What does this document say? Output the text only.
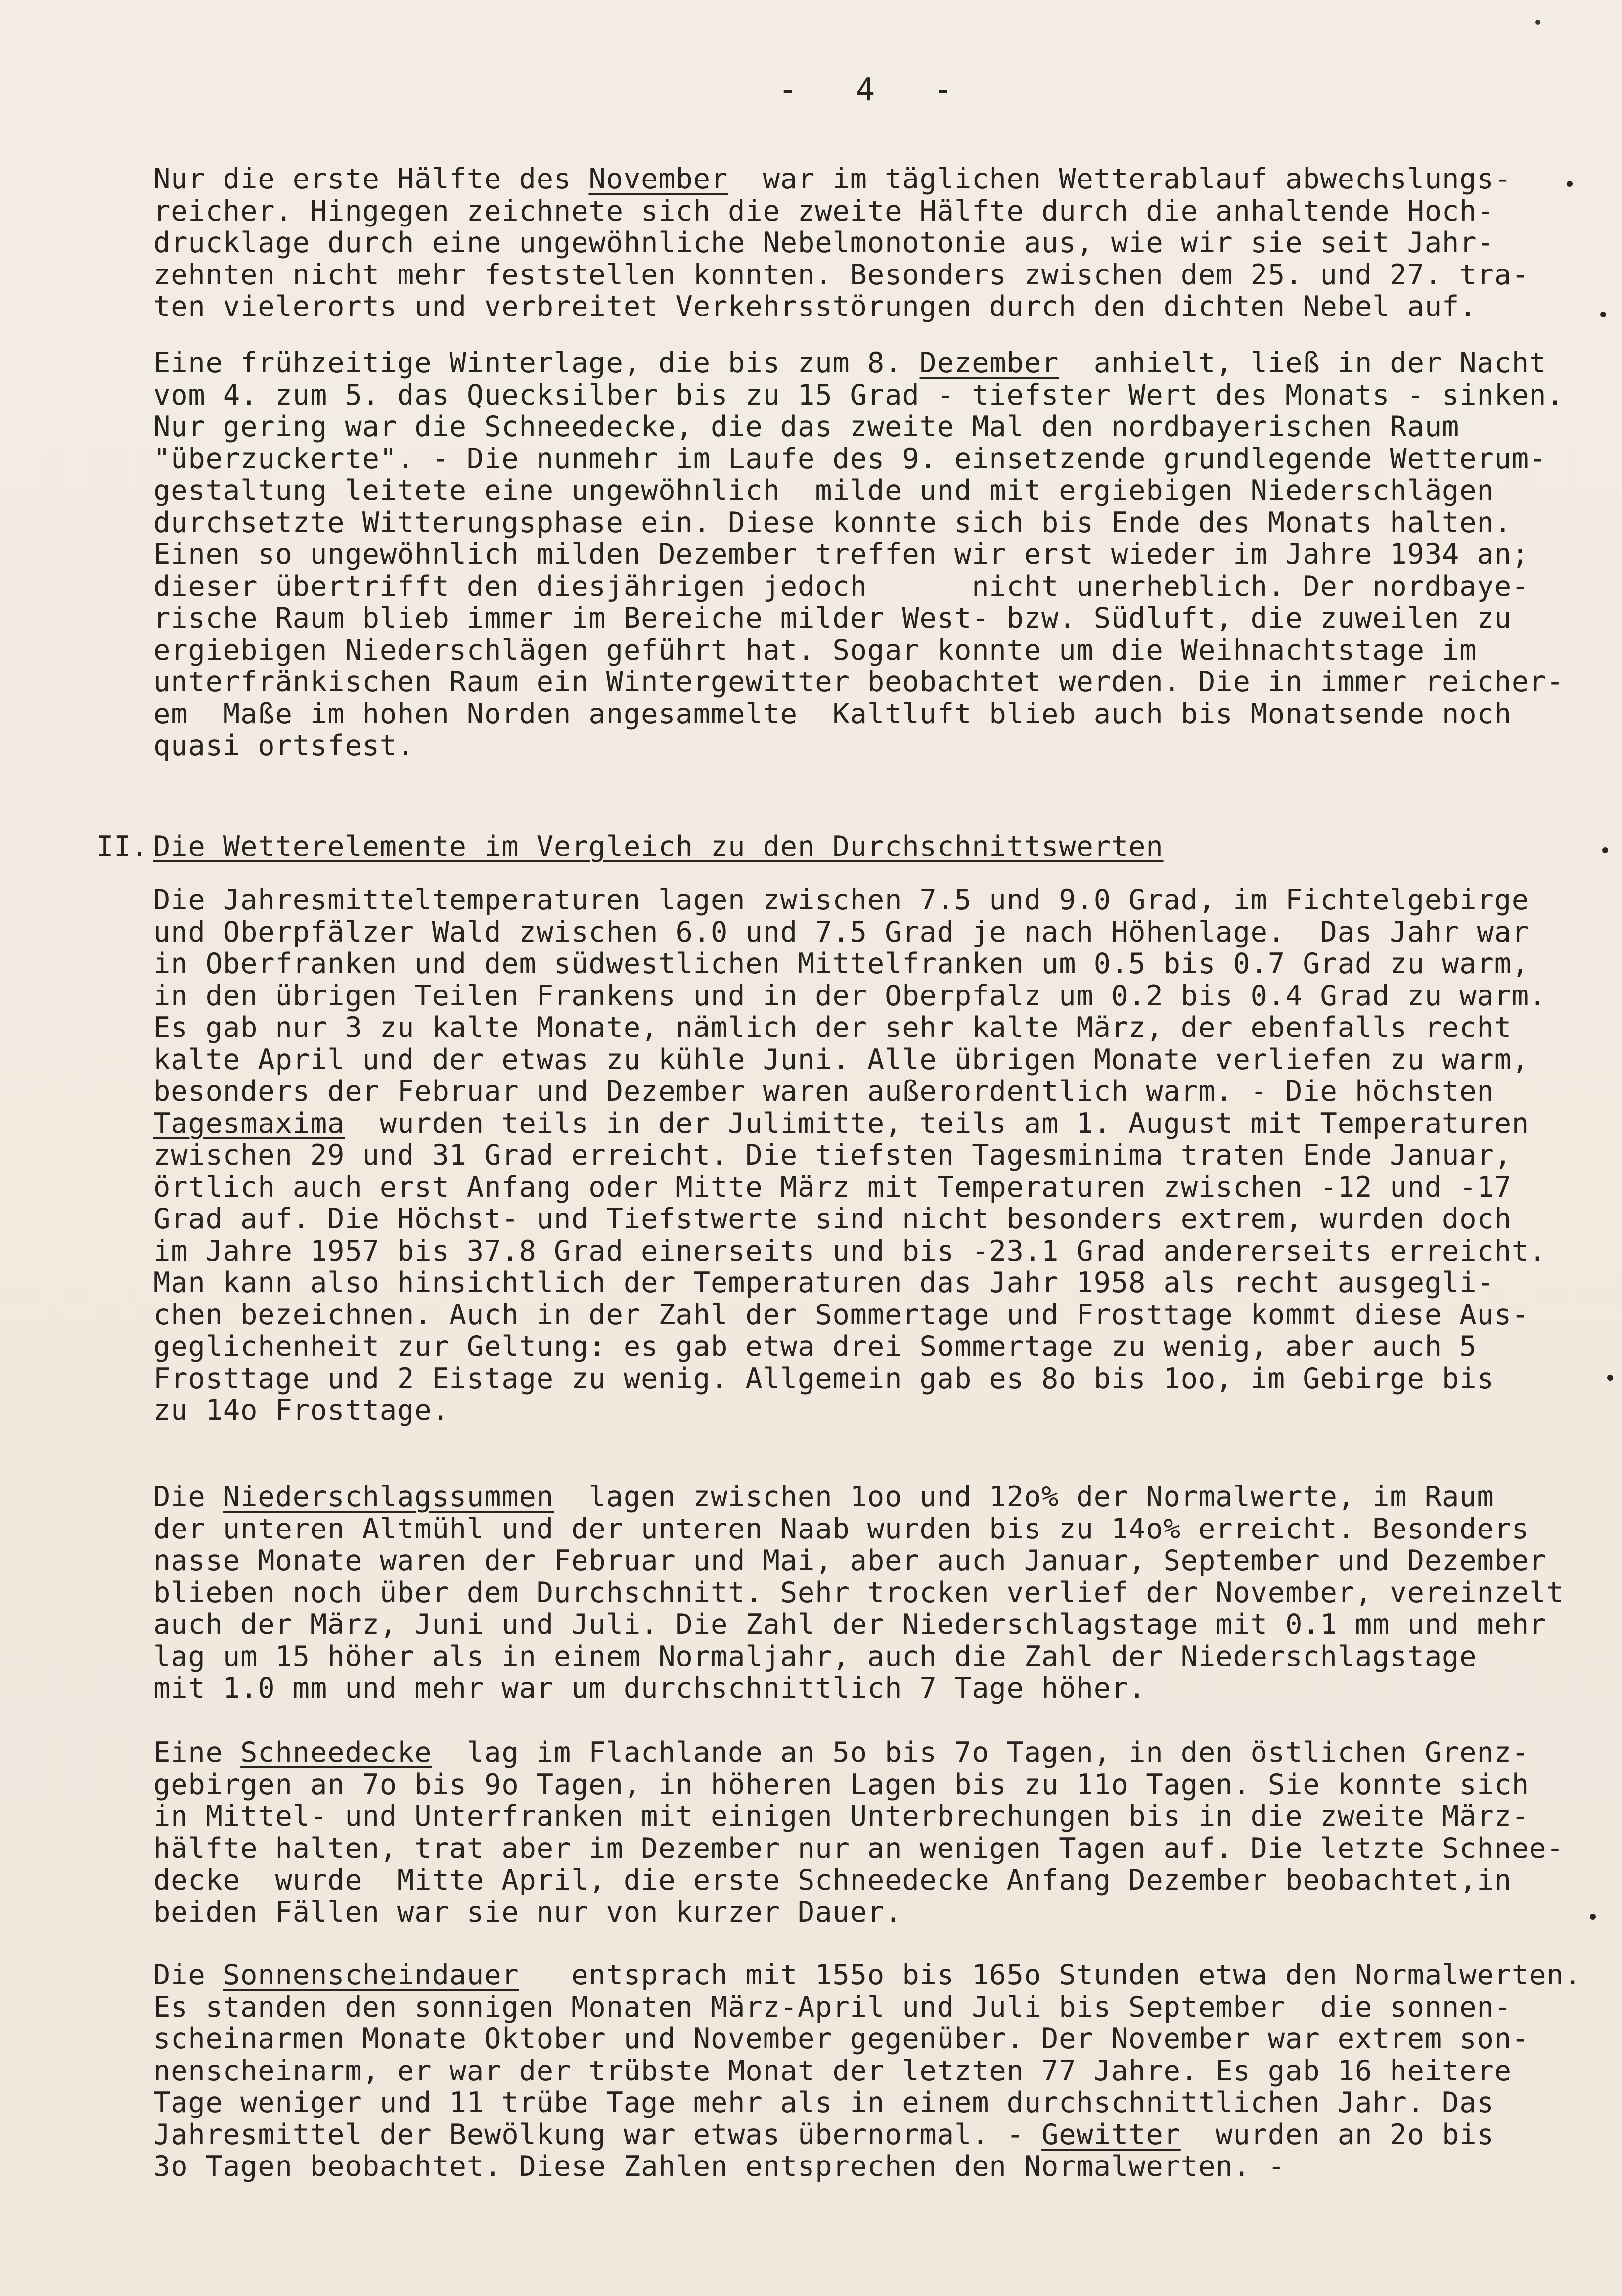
- 4 -
Nur die erste Hälfte des November  war im täglichen Wetterablauf abwechslungs-
reicher. Hingegen zeichnete sich die zweite Hälfte durch die anhaltende Hoch-
drucklage durch eine ungewöhnliche Nebelmonotonie aus, wie wir sie seit Jahr-
zehnten nicht mehr feststellen konnten. Besonders zwischen dem 25. und 27. tra-
ten vielerorts und verbreitet Verkehrsstörungen durch den dichten Nebel auf.
Eine frühzeitige Winterlage, die bis zum 8. Dezember  anhielt, ließ in der Nacht
vom 4. zum 5. das Quecksilber bis zu 15 Grad - tiefster Wert des Monats - sinken.
Nur gering war die Schneedecke, die das zweite Mal den nordbayerischen Raum
"überzuckerte". - Die nunmehr im Laufe des 9. einsetzende grundlegende Wetterum-
gestaltung leitete eine ungewöhnlich  milde und mit ergiebigen Niederschlägen
durchsetzte Witterungsphase ein. Diese konnte sich bis Ende des Monats halten.
Einen so ungewöhnlich milden Dezember treffen wir erst wieder im Jahre 1934 an;
dieser übertrifft den diesjährigen jedoch      nicht unerheblich. Der nordbaye-
rische Raum blieb immer im Bereiche milder West- bzw. Südluft, die zuweilen zu
ergiebigen Niederschlägen geführt hat. Sogar konnte um die Weihnachtstage im
unterfränkischen Raum ein Wintergewitter beobachtet werden. Die in immer reicher-
em  Maße im hohen Norden angesammelte  Kaltluft blieb auch bis Monatsende noch
quasi ortsfest.
II. Die Wetterelemente im Vergleich zu den Durchschnittswerten
Die Jahresmitteltemperaturen lagen zwischen 7.5 und 9.0 Grad, im Fichtelgebirge
und Oberpfälzer Wald zwischen 6.0 und 7.5 Grad je nach Höhenlage.  Das Jahr war
in Oberfranken und dem südwestlichen Mittelfranken um 0.5 bis 0.7 Grad zu warm,
in den übrigen Teilen Frankens und in der Oberpfalz um 0.2 bis 0.4 Grad zu warm.
Es gab nur 3 zu kalte Monate, nämlich der sehr kalte März, der ebenfalls recht
kalte April und der etwas zu kühle Juni. Alle übrigen Monate verliefen zu warm,
besonders der Februar und Dezember waren außerordentlich warm. - Die höchsten
Tagesmaxima  wurden teils in der Julimitte, teils am 1. August mit Temperaturen
zwischen 29 und 31 Grad erreicht. Die tiefsten Tagesminima traten Ende Januar,
örtlich auch erst Anfang oder Mitte März mit Temperaturen zwischen -12 und -17
Grad auf. Die Höchst- und Tiefstwerte sind nicht besonders extrem, wurden doch
im Jahre 1957 bis 37.8 Grad einerseits und bis -23.1 Grad andererseits erreicht.
Man kann also hinsichtlich der Temperaturen das Jahr 1958 als recht ausgegli-
chen bezeichnen. Auch in der Zahl der Sommertage und Frosttage kommt diese Aus-
geglichenheit zur Geltung: es gab etwa drei Sommertage zu wenig, aber auch 5
Frosttage und 2 Eistage zu wenig. Allgemein gab es 8o bis 1oo, im Gebirge bis
zu 14o Frosttage.
Die Niederschlagssummen  lagen zwischen 1oo und 12o% der Normalwerte, im Raum
der unteren Altmühl und der unteren Naab wurden bis zu 14o% erreicht. Besonders
nasse Monate waren der Februar und Mai, aber auch Januar, September und Dezember
blieben noch über dem Durchschnitt. Sehr trocken verlief der November, vereinzelt
auch der März, Juni und Juli. Die Zahl der Niederschlagstage mit 0.1 mm und mehr
lag um 15 höher als in einem Normaljahr, auch die Zahl der Niederschlagstage
mit 1.0 mm und mehr war um durchschnittlich 7 Tage höher.
Eine Schneedecke  lag im Flachlande an 5o bis 7o Tagen, in den östlichen Grenz-
gebirgen an 7o bis 9o Tagen, in höheren Lagen bis zu 11o Tagen. Sie konnte sich
in Mittel- und Unterfranken mit einigen Unterbrechungen bis in die zweite März-
hälfte halten, trat aber im Dezember nur an wenigen Tagen auf. Die letzte Schnee-
decke  wurde  Mitte April, die erste Schneedecke Anfang Dezember beobachtet,in
beiden Fällen war sie nur von kurzer Dauer.
Die Sonnenscheindauer   entsprach mit 155o bis 165o Stunden etwa den Normalwerten.
Es standen den sonnigen Monaten März-April und Juli bis September  die sonnen-
scheinarmen Monate Oktober und November gegenüber. Der November war extrem son-
nenscheinarm, er war der trübste Monat der letzten 77 Jahre. Es gab 16 heitere
Tage weniger und 11 trübe Tage mehr als in einem durchschnittlichen Jahr. Das
Jahresmittel der Bewölkung war etwas übernormal. - Gewitter  wurden an 2o bis
3o Tagen beobachtet. Diese Zahlen entsprechen den Normalwerten. -
